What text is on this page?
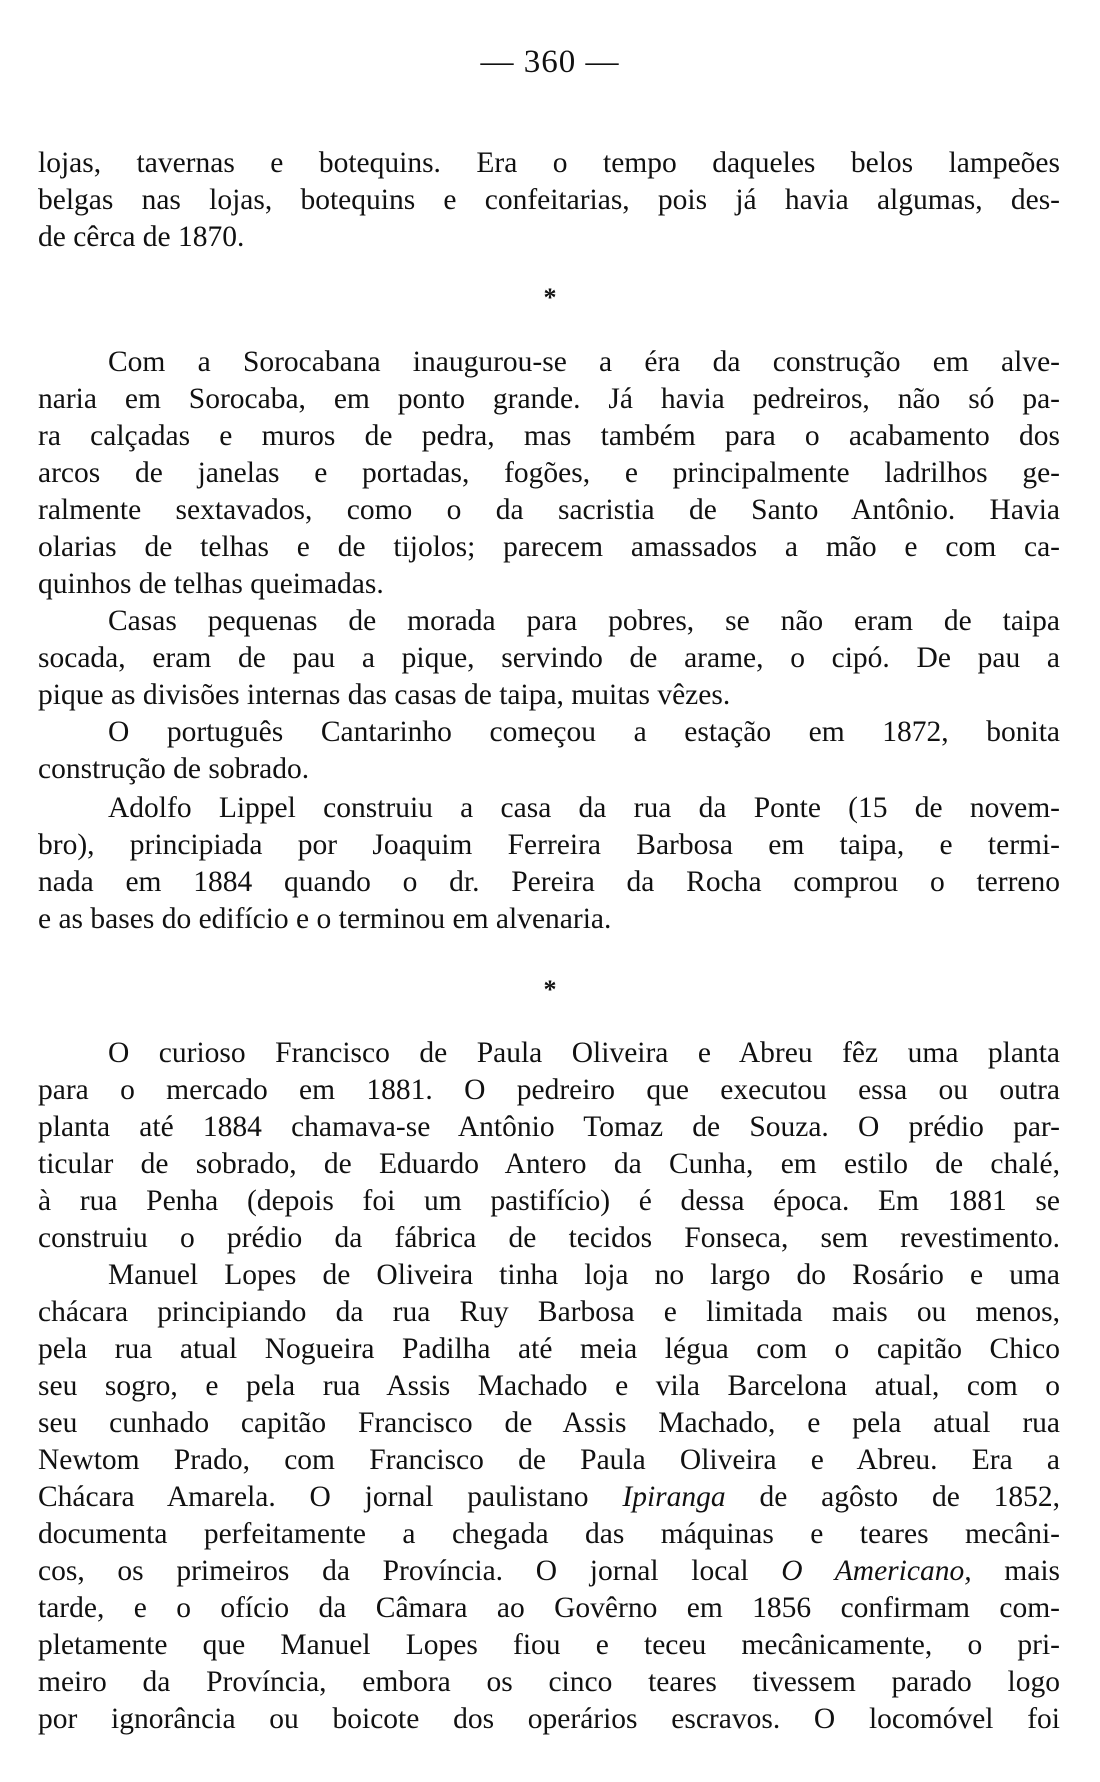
— 360 —
lojas, tavernas e botequins. Era o tempo daqueles belos lampeões
belgas nas lojas, botequins e confeitarias, pois já havia algumas, des-
de cêrca de 1870.
*
Com a Sorocabana inaugurou-se a éra da construção em alve-
naria em Sorocaba, em ponto grande. Já havia pedreiros, não só pa-
ra calçadas e muros de pedra, mas também para o acabamento dos
arcos de janelas e portadas, fogões, e principalmente ladrilhos ge-
ralmente sextavados, como o da sacristia de Santo Antônio. Havia
olarias de telhas e de tijolos; parecem amassados a mão e com ca-
quinhos de telhas queimadas.
Casas pequenas de morada para pobres, se não eram de taipa
socada, eram de pau a pique, servindo de arame, o cipó. De pau a
pique as divisões internas das casas de taipa, muitas vêzes.
O português Cantarinho começou a estação em 1872, bonita
construção de sobrado.
Adolfo Lippel construiu a casa da rua da Ponte (15 de novem-
bro), principiada por Joaquim Ferreira Barbosa em taipa, e termi-
nada em 1884 quando o dr. Pereira da Rocha comprou o terreno
e as bases do edifício e o terminou em alvenaria.
*
O curioso Francisco de Paula Oliveira e Abreu fêz uma planta
para o mercado em 1881. O pedreiro que executou essa ou outra
planta até 1884 chamava-se Antônio Tomaz de Souza. O prédio par-
ticular de sobrado, de Eduardo Antero da Cunha, em estilo de chalé,
à rua Penha (depois foi um pastifício) é dessa época. Em 1881 se
construiu o prédio da fábrica de tecidos Fonseca, sem revestimento.
Manuel Lopes de Oliveira tinha loja no largo do Rosário e uma
chácara principiando da rua Ruy Barbosa e limitada mais ou menos,
pela rua atual Nogueira Padilha até meia légua com o capitão Chico
seu sogro, e pela rua Assis Machado e vila Barcelona atual, com o
seu cunhado capitão Francisco de Assis Machado, e pela atual rua
Newtom Prado, com Francisco de Paula Oliveira e Abreu. Era a
Chácara Amarela. O jornal paulistano Ipiranga de agôsto de 1852,
documenta perfeitamente a chegada das máquinas e teares mecâni-
cos, os primeiros da Província. O jornal local O Americano, mais
tarde, e o ofício da Câmara ao Govêrno em 1856 confirmam com-
pletamente que Manuel Lopes fiou e teceu mecânicamente, o pri-
meiro da Província, embora os cinco teares tivessem parado logo
por ignorância ou boicote dos operários escravos. O locomóvel foi
